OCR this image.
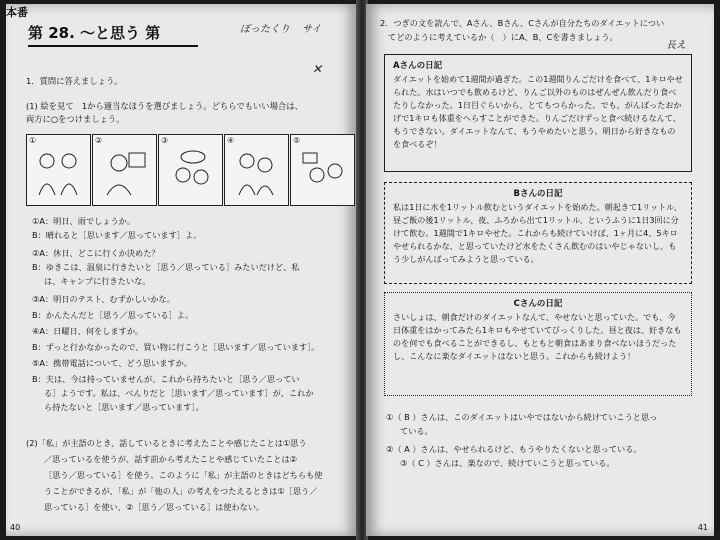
本番
第 28. ～と思う 第	ぼったくり サイ
✕
1．質問に答えましょう。
(1) 絵を見て　1から適当なほうを選びましょう。どちらでもいい場合は、
両方に○をつけましょう。
①	②	③	④	⑤
①A：明日、雨でしょうか。
B：晴れると［思います／思っています］よ。
②A：休日、どこに行くか決めた？
B：ゆきこは、温泉に行きたいと［思う／思っている］みたいだけど、私
は、キャンプに行きたいな。
③A：明日のテスト、むずかしいかな。
B：かんたんだと［思う／思っている］よ。
④A：日曜日、何をしますか。
B：ずっと行かなかったので、買い物に行こうと［思います／思っています］。
⑤A：携帯電話について、どう思いますか。
B：夫は、今は持っていませんが、これから持ちたいと［思う／思ってい
る］ようです。私は、べんりだと［思います／思っています］が、これか
ら持たないと［思います／思っています］。
(2)「私」が主語のとき、話しているときに考えたことや感じたことは①思う
／思っているを使うが、話す前から考えたことや感じていたことは②
［思う／思っている］を使う。このように「私」が主語のときはどちらも使
うことができるが、「私」が「他の人」の考えをつたえるときは①［思う／
思っている］を使い、②［思う／思っている］は使わない。
40
2．つぎの文を読んで、Aさん、Bさん、Cさんが自分たちのダイエットについ
てどのように考えているか（　）にA、B、Cを書きましょう。
長え
Aさんの日記
ダイエットを始めて1週間が過ぎた。この1週間りんごだけを食べて、1キロやせられた。水はいつでも飲めるけど、りんご以外のものはぜんぜん飲んだり食べたりしなかった。1日目ぐらいから、とてもつらかった。でも、がんばったおかげで1キロも体重をへらすことができた。りんごだけずっと食べ続けるなんて、もうできない。ダイエットなんて、もうやめたいと思う。明日から好きなものを食べるぞ！
Bさんの日記
私は1日に水を1リットル飲むというダイエットを始めた。朝起きて1リットル、昼ご飯の後1リットル、夜、ふろから出て1リットル、というふうに1日3回に分けて飲む。1週間で1キロやせた。これからも続けていけば、1ヶ月に4、5キロやせられるかな、と思っていたけど水をたくさん飲むのはいやじゃないし、もう少しがんばってみようと思っている。
Cさんの日記
さいしょは、朝食だけのダイエットなんて、やせないと思っていた。でも、今日体重をはかってみたら1キロもやせていてびっくりした。昼と夜は、好きなものを何でも食べることができるし、もともと朝食はあまり食べないほうだったし、こんなに楽なダイエットはないと思う。これからも続けよう！
①（ B ）さんは、このダイエットはいやではないから続けていこうと思っ
ている。
②（ A ）さんは、やせられるけど、もうやりたくないと思っている。
③（ C ）さんは、楽なので、続けていこうと思っている。
41
